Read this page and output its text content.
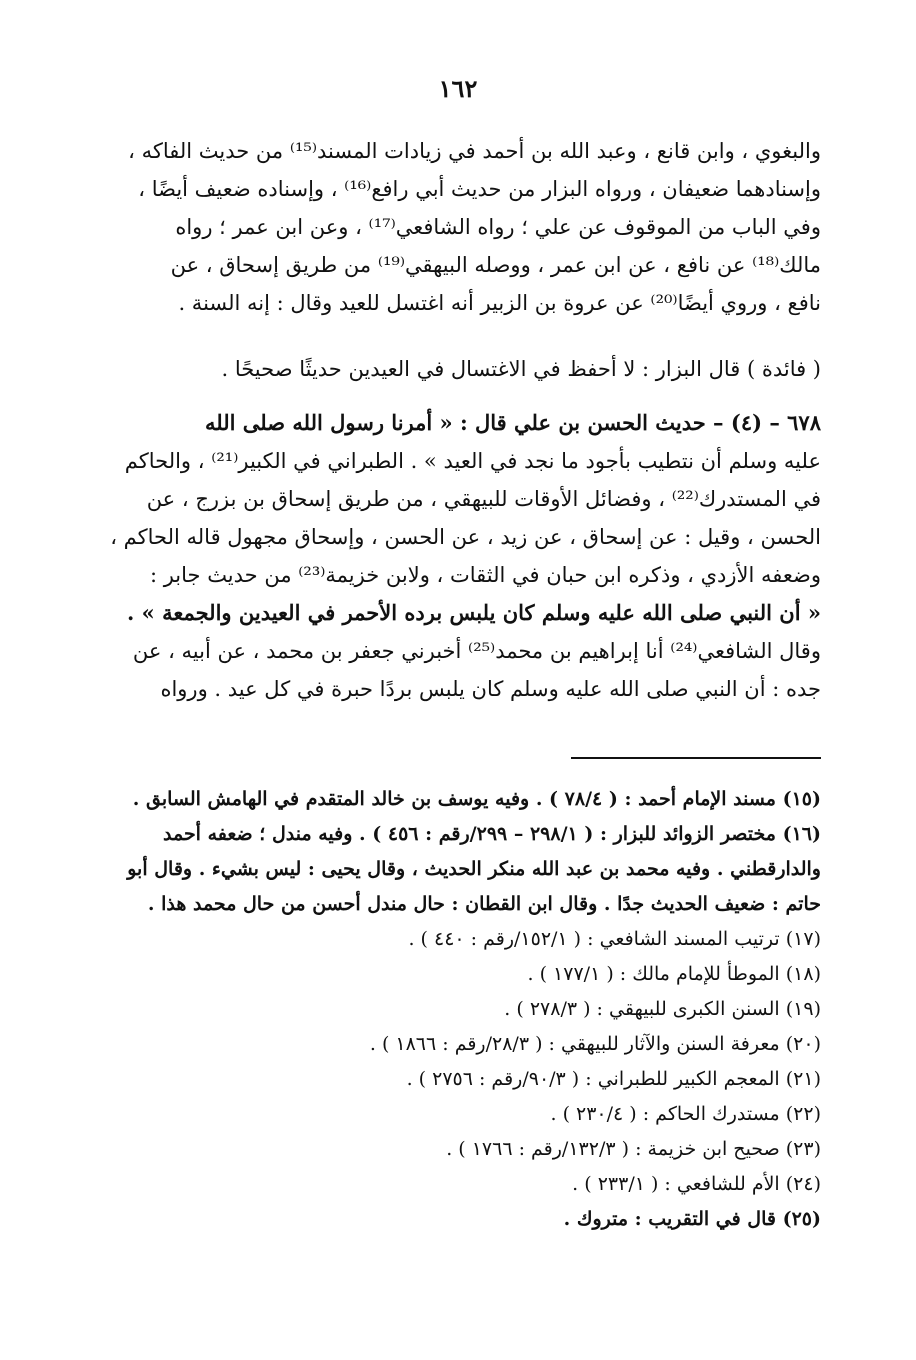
١٦٢
والبغوي ، وابن قانع ، وعبد الله بن أحمد في زيادات المسند⁽¹⁵⁾ من حديث الفاكه ،
وإسنادهما ضعيفان ، ورواه البزار من حديث أبي رافع⁽¹⁶⁾ ، وإسناده ضعيف أيضًا ،
وفي الباب من الموقوف عن علي ؛ رواه الشافعي⁽¹⁷⁾ ، وعن ابن عمر ؛ رواه
مالك⁽¹⁸⁾ عن نافع ، عن ابن عمر ، ووصله البيهقي⁽¹⁹⁾ من طريق إسحاق ، عن
نافع ، وروي أيضًا⁽²⁰⁾ عن عروة بن الزبير أنه اغتسل للعيد وقال : إنه السنة .
( فائدة ) قال البزار : لا أحفظ في الاغتسال في العيدين حديثًا صحيحًا .
٦٧٨ – (٤) – حديث الحسن بن علي قال : « أمرنا رسول الله صلى الله
عليه وسلم أن نتطيب بأجود ما نجد في العيد » . الطبراني في الكبير⁽²¹⁾ ، والحاكم
في المستدرك⁽²²⁾ ، وفضائل الأوقات للبيهقي ، من طريق إسحاق بن بزرج ، عن
الحسن ، وقيل : عن إسحاق ، عن زيد ، عن الحسن ، وإسحاق مجهول قاله الحاكم ،
وضعفه الأزدي ، وذكره ابن حبان في الثقات ، ولابن خزيمة⁽²³⁾ من حديث جابر :
« أن النبي صلى الله عليه وسلم كان يلبس برده الأحمر في العيدين والجمعة » .
وقال الشافعي⁽²⁴⁾ أنا إبراهيم بن محمد⁽²⁵⁾ أخبرني جعفر بن محمد ، عن أبيه ، عن
جده : أن النبي صلى الله عليه وسلم كان يلبس بردًا حبرة في كل عيد . ورواه
(١٥) مسند الإمام أحمد : ( ٧٨/٤ ) . وفيه يوسف بن خالد المتقدم في الهامش السابق .
(١٦) مختصر الزوائد للبزار : ( ٢٩٨/١ – ٢٩٩/رقم : ٤٥٦ ) . وفيه مندل ؛ ضعفه أحمد
والدارقطني . وفيه محمد بن عبد الله منكر الحديث ، وقال يحيى : ليس بشيء . وقال أبو
حاتم : ضعيف الحديث جدًا . وقال ابن القطان : حال مندل أحسن من حال محمد هذا .
(١٧) ترتيب المسند الشافعي : ( ١٥٢/١/رقم : ٤٤٠ ) .
(١٨) الموطأ للإمام مالك : ( ١٧٧/١ ) .
(١٩) السنن الكبرى للبيهقي : ( ٢٧٨/٣ ) .
(٢٠) معرفة السنن والآثار للبيهقي : ( ٢٨/٣/رقم : ١٨٦٦ ) .
(٢١) المعجم الكبير للطبراني : ( ٩٠/٣/رقم : ٢٧٥٦ ) .
(٢٢) مستدرك الحاكم : ( ٢٣٠/٤ ) .
(٢٣) صحيح ابن خزيمة : ( ١٣٢/٣/رقم : ١٧٦٦ ) .
(٢٤) الأم للشافعي : ( ٢٣٣/١ ) .
(٢٥) قال في التقريب : متروك .
